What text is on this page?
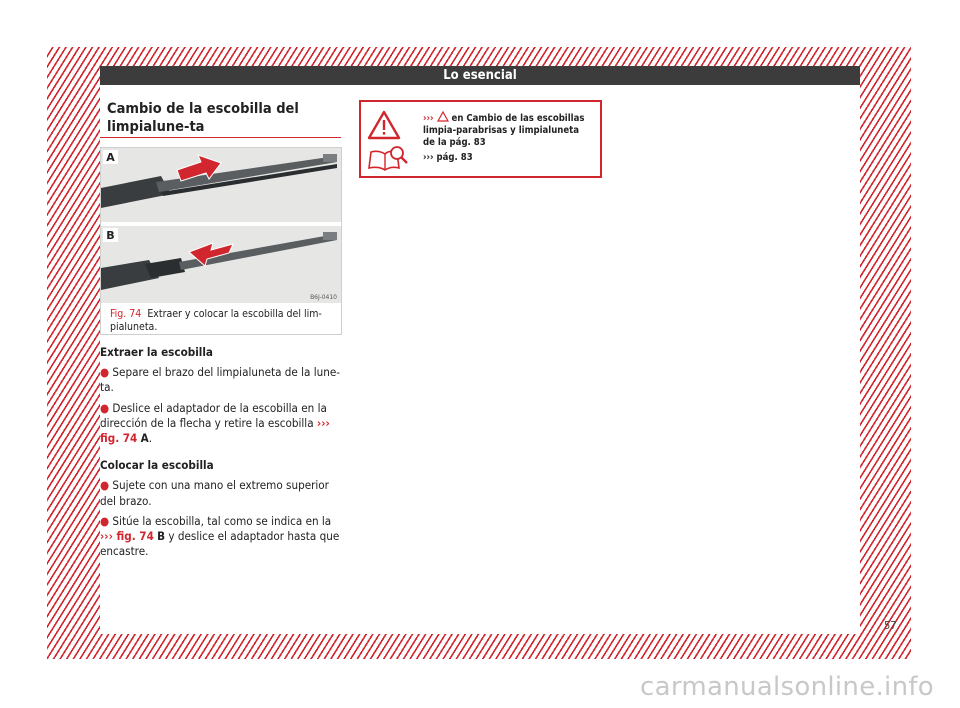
Lo esencial
Cambio de la escobilla del limpialune-ta
A
B
B6J-0410
Fig. 74 Extraer y colocar la escobilla del lim-pialuneta.
Extraer la escobilla
● Separe el brazo del limpialuneta de la lune-ta.
● Deslice el adaptador de la escobilla en la dirección de la flecha y retire la escobilla ››› fig. 74 A.
Colocar la escobilla
● Sujete con una mano el extremo superior del brazo.
● Sitúe la escobilla, tal como se indica en la ››› fig. 74 B y deslice el adaptador hasta que encastre.
››› en Cambio de las escobillas limpia-parabrisas y limpialuneta de la pág. 83
››› pág. 83
57
carmanualsonline.info
